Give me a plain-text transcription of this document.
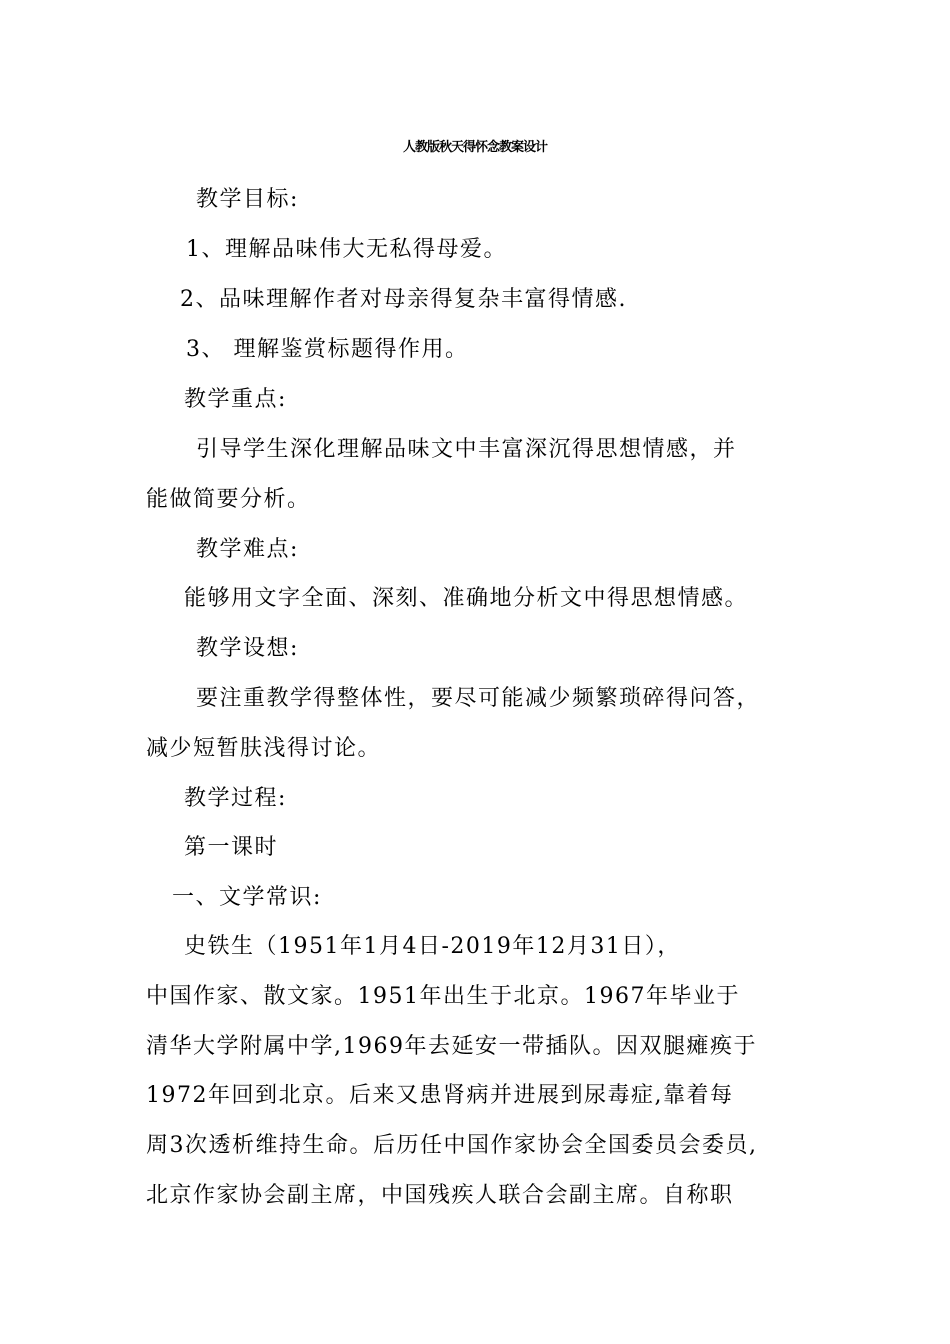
人教版秋天得怀念教案设计
教学目标:
1、理解品味伟大无私得母爱。
2、品味理解作者对母亲得复杂丰富得情感.
3、 理解鉴赏标题得作用。
教学重点:
引导学生深化理解品味文中丰富深沉得思想情感，并
能做简要分析。
教学难点:
能够用文字全面、深刻、准确地分析文中得思想情感。
教学设想:
要注重教学得整体性，要尽可能减少频繁琐碎得问答，
减少短暂肤浅得讨论。
教学过程:
第一课时
一、文学常识:
史铁生（1951年1月4日-2019年12月31日），
中国作家、散文家。1951年出生于北京。1967年毕业于
清华大学附属中学,1969年去延安一带插队。因双腿瘫痪于
1972年回到北京。后来又患肾病并进展到尿毒症,靠着每
周3次透析维持生命。后历任中国作家协会全国委员会委员,
北京作家协会副主席，中国残疾人联合会副主席。自称职
